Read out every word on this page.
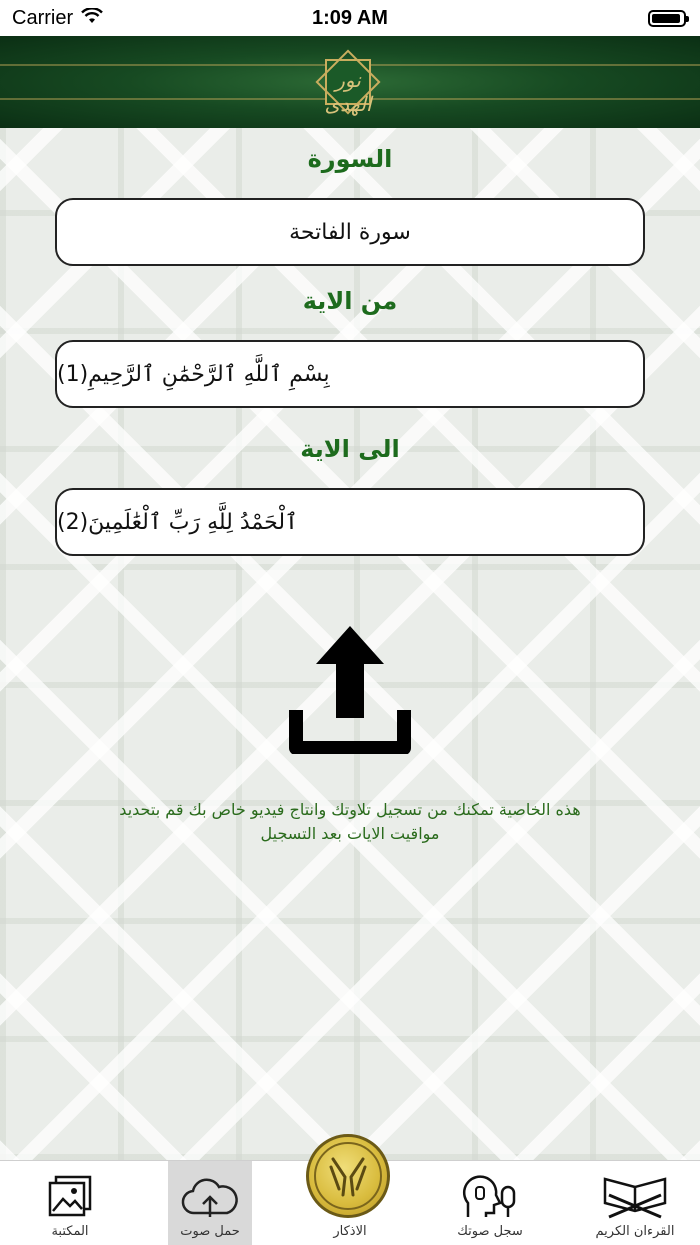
Carrier	1:09 AM
نور الهدى
السورة
سورة الفاتحة
من الاية
بِسْمِ ٱللَّهِ ٱلرَّحْمَٰنِ ٱلرَّحِيمِ(1)
الى الاية
ٱلْحَمْدُ لِلَّهِ رَبِّ ٱلْعَٰلَمِينَ(2)
هذه الخاصية تمكنك من تسجيل تلاوتك وانتاج فيديو خاص بك قم بتحديد
مواقيت الايات بعد التسجيل
المكتبة	حمل صوت	الاذكار	سجل صوتك	القرءان الكريم
